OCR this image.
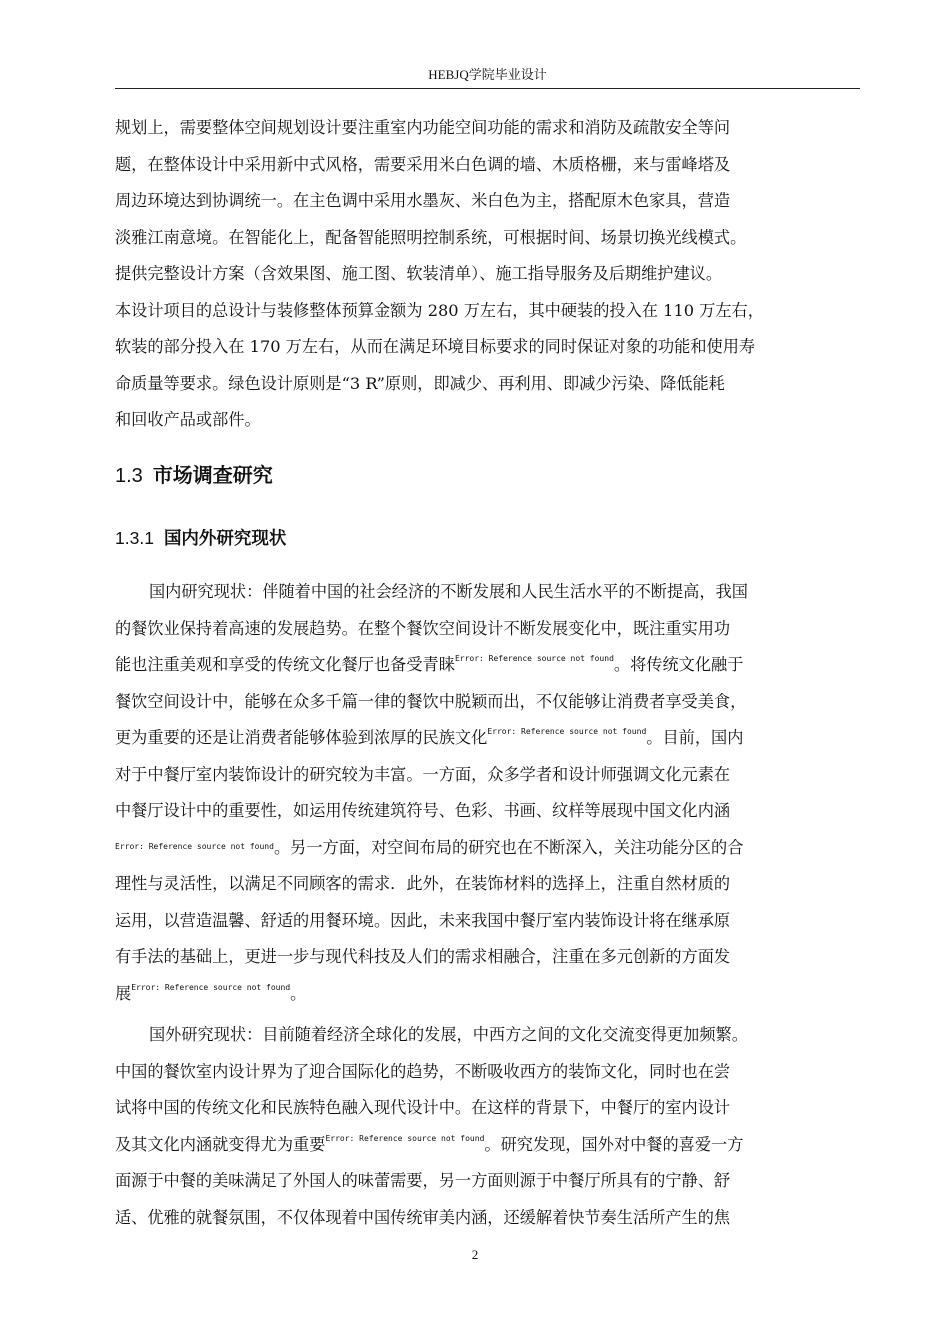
HEBJQ学院毕业设计
规划上，需要整体空间规划设计要注重室内功能空间功能的需求和消防及疏散安全等问
题，在整体设计中采用新中式风格，需要采用米白色调的墙、木质格栅，来与雷峰塔及
周边环境达到协调统一。在主色调中采用水墨灰、米白色为主，搭配原木色家具，营造
淡雅江南意境。在智能化上，配备智能照明控制系统，可根据时间、场景切换光线模式。
提供完整设计方案（含效果图、施工图、软装清单）、施工指导服务及后期维护建议。
本设计项目的总设计与装修整体预算金额为 280 万左右，其中硬装的投入在 110 万左右，
软装的部分投入在 170 万左右，从而在满足环境目标要求的同时保证对象的功能和使用寿
命质量等要求。绿色设计原则是“3 R”原则，即减少、再利用、即减少污染、降低能耗
和回收产品或部件。
1.3 市场调查研究
1.3.1 国内外研究现状
国内研究现状：伴随着中国的社会经济的不断发展和人民生活水平的不断提高，我国
的餐饮业保持着高速的发展趋势。在整个餐饮空间设计不断发展变化中，既注重实用功
能也注重美观和享受的传统文化餐厅也备受青睐$^{Error: Reference source not found}$。将传统文化融于
餐饮空间设计中，能够在众多千篇一律的餐饮中脱颖而出，不仅能够让消费者享受美食，
更为重要的还是让消费者能够体验到浓厚的民族文化$^{Error: Reference source not found}$。目前，国内
对于中餐厅室内装饰设计的研究较为丰富。一方面，众多学者和设计师强调文化元素在
中餐厅设计中的重要性，如运用传统建筑符号、色彩、书画、纹样等展现中国文化内涵
$^{Error: Reference source not found}$。另一方面，对空间布局的研究也在不断深入，关注功能分区的合
理性与灵活性，以满足不同顾客的需求．此外，在装饰材料的选择上，注重自然材质的
运用，以营造温馨、舒适的用餐环境。因此，未来我国中餐厅室内装饰设计将在继承原
有手法的基础上，更进一步与现代科技及人们的需求相融合，注重在多元创新的方面发
展$^{Error: Reference source not found}$。
国外研究现状：目前随着经济全球化的发展，中西方之间的文化交流变得更加频繁。
中国的餐饮室内设计界为了迎合国际化的趋势，不断吸收西方的装饰文化，同时也在尝
试将中国的传统文化和民族特色融入现代设计中。在这样的背景下，中餐厅的室内设计
及其文化内涵就变得尤为重要$^{Error: Reference source not found}$。研究发现，国外对中餐的喜爱一方
面源于中餐的美味满足了外国人的味蕾需要，另一方面则源于中餐厅所具有的宁静、舒
适、优雅的就餐氛围，不仅体现着中国传统审美内涵，还缓解着快节奏生活所产生的焦
2
